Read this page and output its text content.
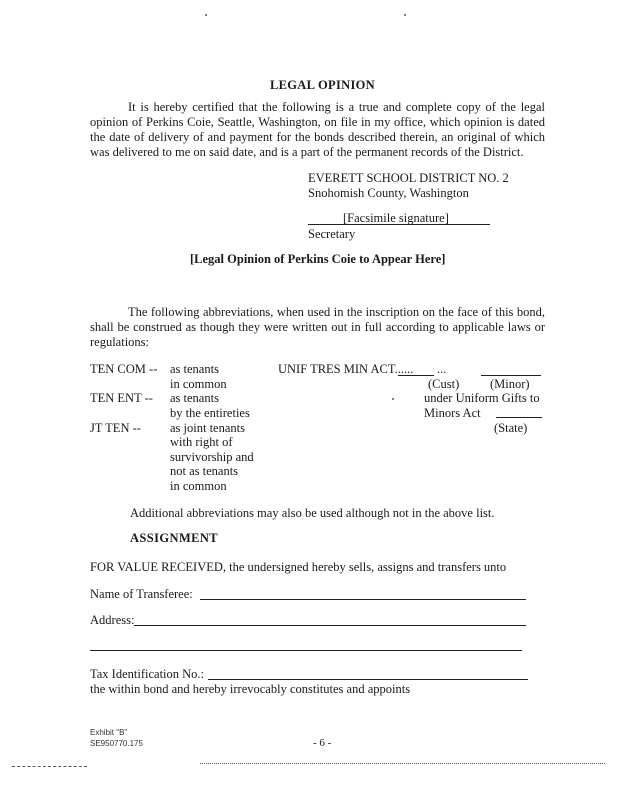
LEGAL OPINION
It is hereby certified that the following is a true and complete copy of the legal opinion of Perkins Coie, Seattle, Washington, on file in my office, which opinion is dated the date of delivery of and payment for the bonds described therein, an original of which was delivered to me on said date, and is a part of the permanent records of the District.
EVERETT SCHOOL DISTRICT NO. 2
Snohomish County, Washington
[Facsimile signature]
Secretary
[Legal Opinion of Perkins Coie to Appear Here]
The following abbreviations, when used in the inscription on the face of this bond, shall be construed as though they were written out in full according to applicable laws or regulations:
TEN COM -- as tenants
in common
TEN ENT -- as tenants
by the entireties
JT TEN -- as joint tenants
with right of
survivorship and
not as tenants
in common
UNIF TRES MIN ACT...... ...
(Cust) (Minor)
under Uniform Gifts to
Minors Act
(State)
Additional abbreviations may also be used although not in the above list.
ASSIGNMENT
FOR VALUE RECEIVED, the undersigned hereby sells, assigns and transfers unto
Name of Transferee:
Address:
Tax Identification No.:
the within bond and hereby irrevocably constitutes and appoints
Exhibit "B"
SE950770.175	- 6 -
